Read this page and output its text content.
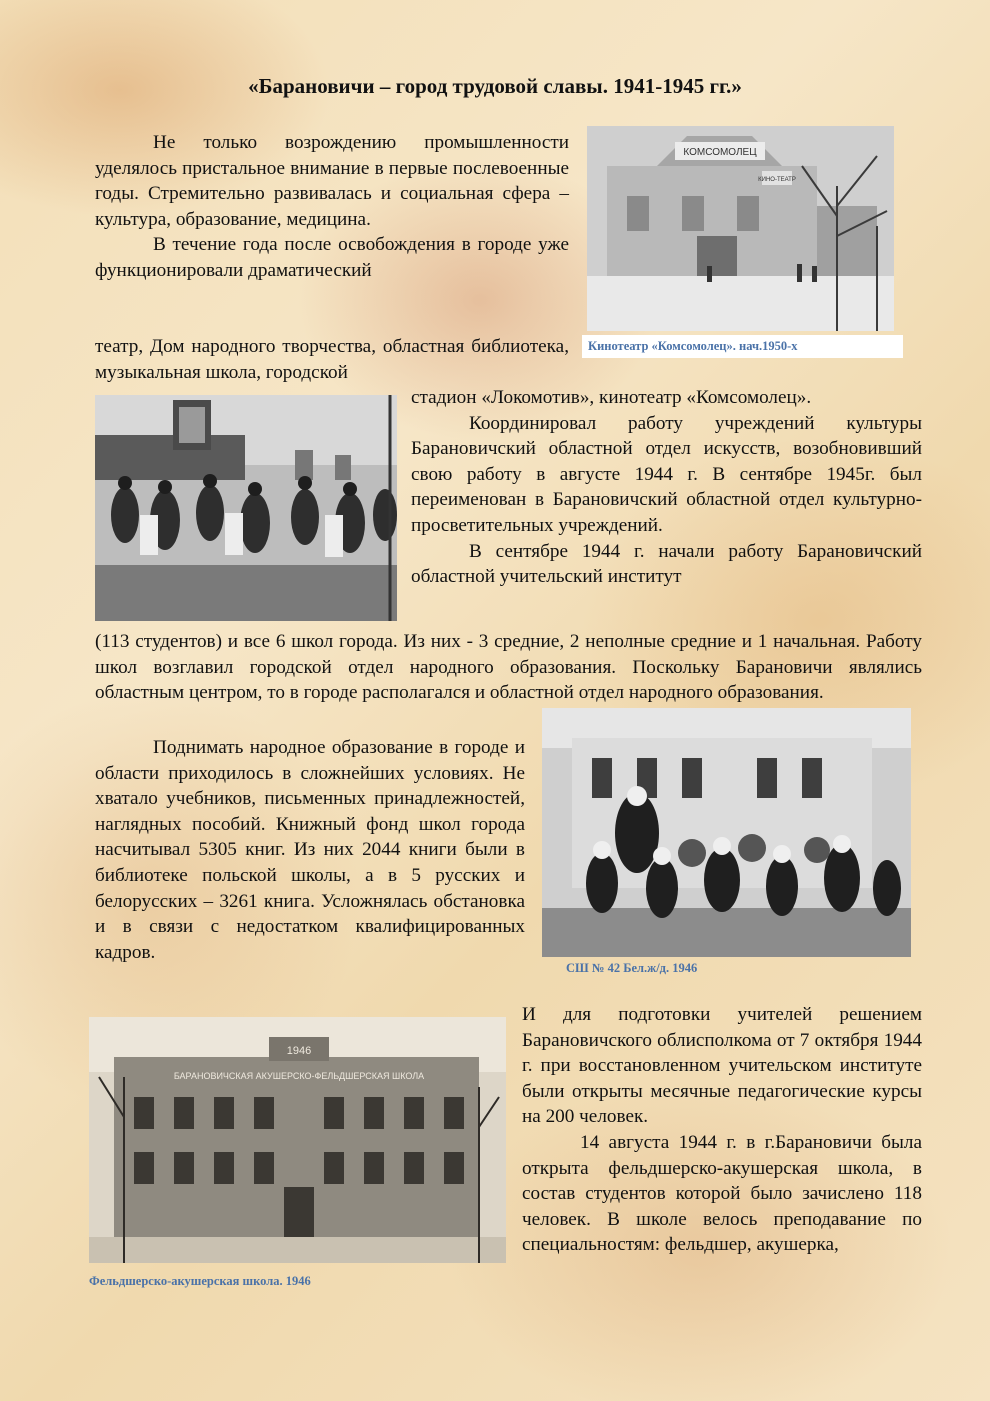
«Барановичи – город трудовой славы. 1941-1945 гг.»
Не только возрождению промышленности уделялось пристальное внимание в первые послевоенные годы. Стремительно развивалась и социальная сфера – культура, образование, медицина.
В течение года после освобождения в городе уже функционировали драматический
КОМСОМОЛЕЦ
КИНО-ТЕАТР
Кинотеатр «Комсомолец». нач.1950-х
театр, Дом народного творчества, областная библиотека, музыкальная школа, городской
стадион «Локомотив», кинотеатр «Комсомолец».
Координировал работу учреждений культуры Барановичский областной отдел искусств, возобновивший свою работу в августе 1944 г. В сентябре 1945г. был переименован в Барановичский областной отдел культурно-просветительных учреждений.
В сентябре 1944 г. начали работу Барановичский областной учительский институт
(113 студентов) и все 6 школ города. Из них - 3 средние, 2 неполные средние и 1 начальная. Работу школ возглавил городской отдел народного образования. Поскольку Барановичи являлись областным центром, то в городе располагался и областной отдел народного образования.
СШ № 42 Бел.ж/д. 1946
Поднимать народное образование в городе и области приходилось в сложнейших условиях. Не хватало учебников, письменных принадлежностей, наглядных пособий. Книжный фонд школ города насчитывал 5305 книг. Из них 2044 книги были в библиотеке польской школы, а в 5 русских и белорусских – 3261 книга. Усложнялась обстановка и в связи с недостатком квалифицированных кадров.
1946
БАРАНОВИЧСКАЯ АКУШЕРСКО-ФЕЛЬДШЕРСКАЯ ШКОЛА
Фельдшерско-акушерская школа. 1946
И для подготовки учителей решением Барановичского облисполкома от 7 октября 1944 г. при восстановленном учительском институте были открыты месячные педагогические курсы на 200 человек.
14 августа 1944 г. в г.Барановичи была открыта фельдшерско-акушерская школа, в состав студентов которой было зачислено 118 человек. В школе велось преподавание по специальностям: фельдшер, акушерка,
